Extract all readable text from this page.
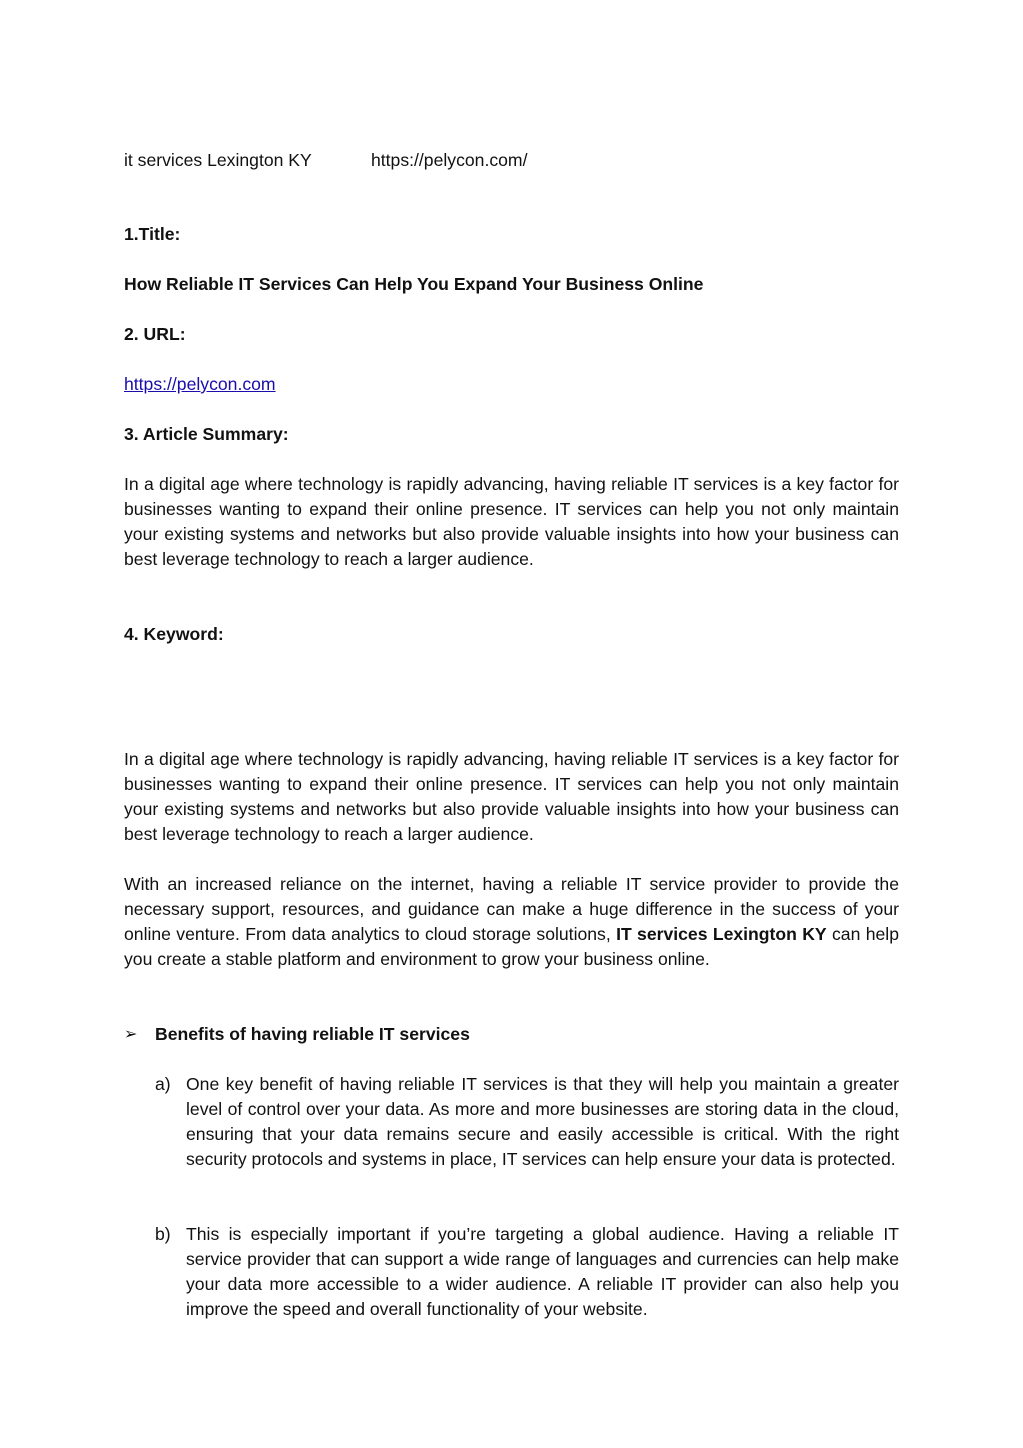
it services Lexington KY	https://pelycon.com/

1.Title:

How Reliable IT Services Can Help You Expand Your Business Online

2. URL:

https://pelycon.com

3. Article Summary:

In a digital age where technology is rapidly advancing, having reliable IT services is a key factor for businesses wanting to expand their online presence. IT services can help you not only maintain your existing systems and networks but also provide valuable insights into how your business can best leverage technology to reach a larger audience.

4. Keyword:

In a digital age where technology is rapidly advancing, having reliable IT services is a key factor for businesses wanting to expand their online presence. IT services can help you not only maintain your existing systems and networks but also provide valuable insights into how your business can best leverage technology to reach a larger audience.

With an increased reliance on the internet, having a reliable IT service provider to provide the necessary support, resources, and guidance can make a huge difference in the success of your online venture. From data analytics to cloud storage solutions, IT services Lexington KY can help you create a stable platform and environment to grow your business online.

➢ Benefits of having reliable IT services
a) One key benefit of having reliable IT services is that they will help you maintain a greater level of control over your data. As more and more businesses are storing data in the cloud, ensuring that your data remains secure and easily accessible is critical. With the right security protocols and systems in place, IT services can help ensure your data is protected.

b) This is especially important if you’re targeting a global audience. Having a reliable IT service provider that can support a wide range of languages and currencies can help make your data more accessible to a wider audience. A reliable IT provider can also help you improve the speed and overall functionality of your website.
